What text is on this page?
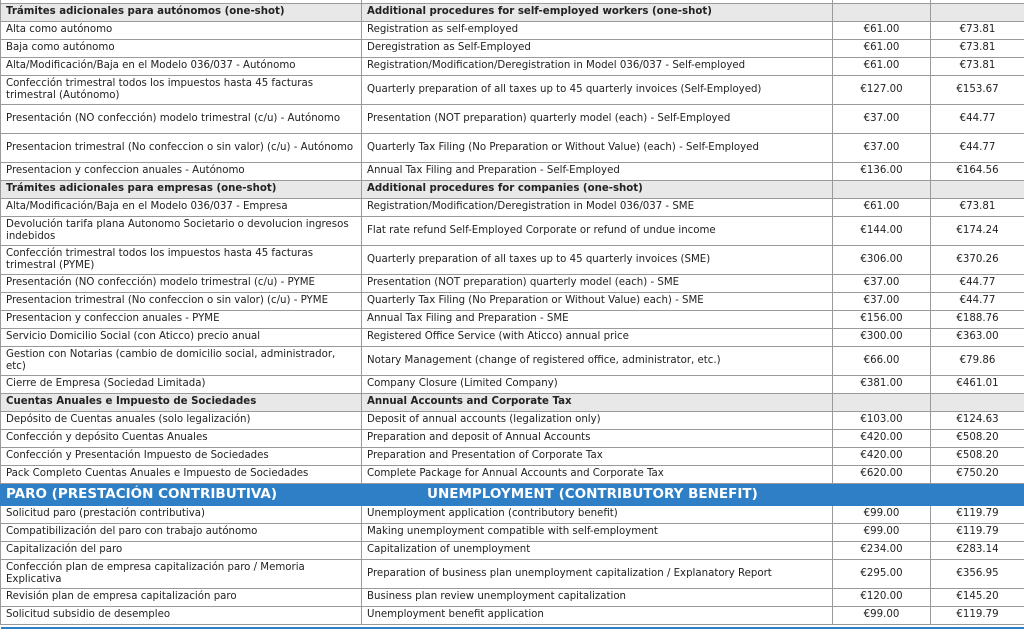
Trámites adicionales para autónomos (one-shot)	Additional procedures for self-employed workers (one-shot)		
Alta como autónomo	Registration as self-employed	€61.00	€73.81
Baja como autónomo	Deregistration as Self-Employed	€61.00	€73.81
Alta/Modificación/Baja en el Modelo 036/037 - Autónomo	Registration/Modification/Deregistration in Model 036/037 - Self-employed	€61.00	€73.81
Confección trimestral todos los impuestos hasta 45 facturas trimestral (Autónomo)	Quarterly preparation of all taxes up to 45 quarterly invoices (Self-Employed)	€127.00	€153.67
Presentación (NO confección) modelo trimestral (c/u) - Autónomo	Presentation (NOT preparation) quarterly model (each) - Self-Employed	€37.00	€44.77
Presentacion trimestral (No confeccion o sin valor) (c/u) - Autónomo	Quarterly Tax Filing (No Preparation or Without Value) (each) - Self-Employed	€37.00	€44.77
Presentacion y confeccion anuales - Autónomo	Annual Tax Filing and Preparation - Self-Employed	€136.00	€164.56
Trámites adicionales para empresas (one-shot)	Additional procedures for companies (one-shot)		
Alta/Modificación/Baja en el Modelo 036/037 - Empresa	Registration/Modification/Deregistration in Model 036/037 - SME	€61.00	€73.81
Devolución tarifa plana Autonomo Societario o devolucion ingresos indebidos	Flat rate refund Self-Employed Corporate or refund of undue income	€144.00	€174.24
Confección trimestral todos los impuestos hasta 45 facturas trimestral (PYME)	Quarterly preparation of all taxes up to 45 quarterly invoices (SME)	€306.00	€370.26
Presentación (NO confección) modelo trimestral (c/u) - PYME	Presentation (NOT preparation) quarterly model (each) - SME	€37.00	€44.77
Presentacion trimestral (No confeccion o sin valor) (c/u) - PYME	Quarterly Tax Filing (No Preparation or Without Value) each) - SME	€37.00	€44.77
Presentacion y confeccion anuales - PYME	Annual Tax Filing and Preparation - SME	€156.00	€188.76
Servicio Domicilio Social (con Aticco) precio anual	Registered Office Service (with Aticco) annual price	€300.00	€363.00
Gestion con Notarias (cambio de domicilio social, administrador, etc)	Notary Management (change of registered office, administrator, etc.)	€66.00	€79.86
Cierre de Empresa (Sociedad Limitada)	Company Closure (Limited Company)	€381.00	€461.01
Cuentas Anuales e Impuesto de Sociedades	Annual Accounts and Corporate Tax		
Depósito de Cuentas anuales (solo legalización)	Deposit of annual accounts (legalization only)	€103.00	€124.63
Confección y depósito Cuentas Anuales	Preparation and deposit of Annual Accounts	€420.00	€508.20
Confección y Presentación Impuesto de Sociedades	Preparation and Presentation of Corporate Tax	€420.00	€508.20
Pack Completo Cuentas Anuales e Impuesto de Sociedades	Complete Package for Annual Accounts and Corporate Tax	€620.00	€750.20
PARO (PRESTACIÓN CONTRIBUTIVA)	UNEMPLOYMENT (CONTRIBUTORY BENEFIT)		
Solicitud paro (prestación contributiva)	Unemployment application (contributory benefit)	€99.00	€119.79
Compatibilización del paro con trabajo autónomo	Making unemployment compatible with self-employment	€99.00	€119.79
Capitalización del paro	Capitalization of unemployment	€234.00	€283.14
Confección plan de empresa capitalización paro / Memoria Explicativa	Preparation of business plan unemployment capitalization / Explanatory Report	€295.00	€356.95
Revisión plan de empresa capitalización paro	Business plan review unemployment capitalization	€120.00	€145.20
Solicitud subsidio de desempleo	Unemployment benefit application	€99.00	€119.79
